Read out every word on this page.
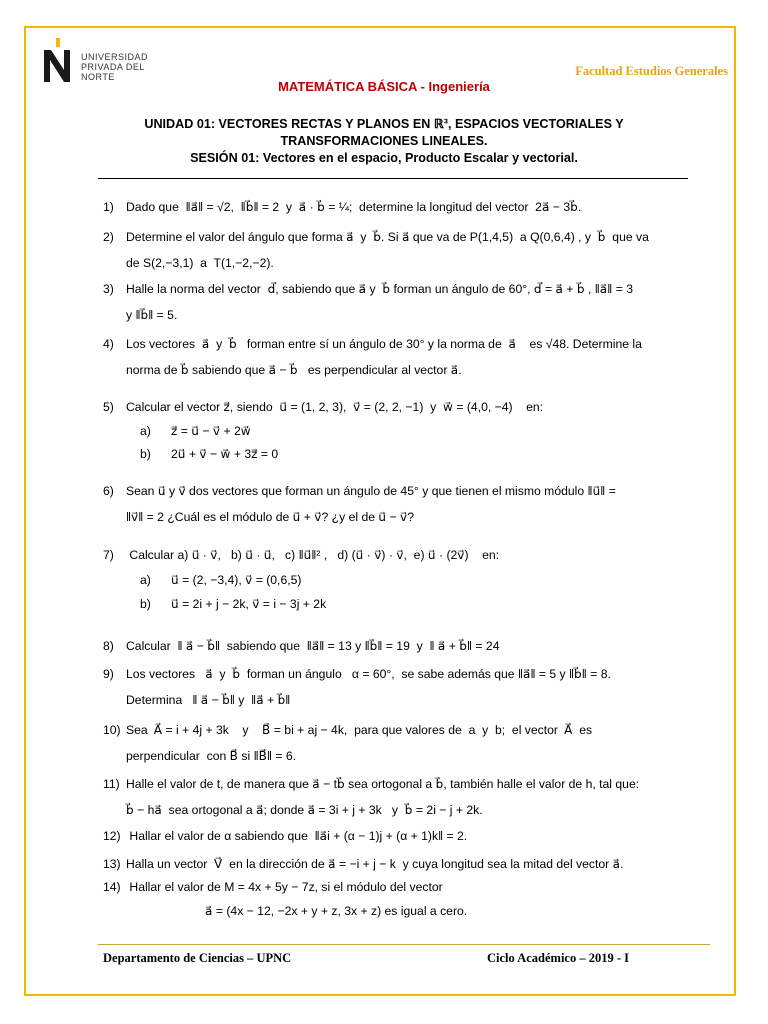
UNIVERSIDAD
PRIVADA DEL NORTE	Facultad Estudios Generales
MATEMÁTICA BÁSICA - Ingeniería
UNIDAD 01: VECTORES RECTAS Y PLANOS EN ℝ³, ESPACIOS VECTORIALES Y
TRANSFORMACIONES LINEALES.
SESIÓN 01: Vectores en el espacio, Producto Escalar y vectorial.
1) Dado que  ‖a⃗‖ = √2,  ‖b⃗‖ = 2  y  a⃗ · b⃗ = ¼;  determine la longitud del vector  2a⃗ − 3b⃗.
2) Determine el valor del ángulo que forma a⃗  y  b⃗. Si a⃗ que va de P(1,4,5)  a Q(0,6,4) , y  b⃗  que va
de S(2,−3,1)  a  T(1,−2,−2).
3) Halle la norma del vector  d⃗, sabiendo que a⃗ y  b⃗ forman un ángulo de 60°, d⃗ = a⃗ + b⃗ , ‖a⃗‖ = 3
y ‖b⃗‖ = 5.
4) Los vectores  a⃗  y  b⃗   forman entre sí un ángulo de 30° y la norma de  a⃗    es √48. Determine la
norma de b⃗ sabiendo que a⃗ − b⃗   es perpendicular al vector a⃗.
5) Calcular el vector z⃗, siendo  u⃗ = (1, 2, 3),  v⃗ = (2, 2, −1)  y  w⃗ = (4,0, −4)    en:
a) z⃗ = u⃗ − v⃗ + 2w⃗
b) 2u⃗ + v⃗ − w⃗ + 3z⃗ = 0
6) Sean u⃗ y v⃗ dos vectores que forman un ángulo de 45° y que tienen el mismo módulo ‖u⃗‖ =
‖v⃗‖ = 2 ¿Cuál es el módulo de u⃗ + v⃗? ¿y el de u⃗ − v⃗?
7) Calcular a) u⃗ · v⃗,   b) u⃗ · u⃗,   c) ‖u⃗‖² ,   d) (u⃗ · v⃗) · v⃗,  e) u⃗ · (2v⃗)    en:
a) u⃗ = (2, −3,4), v⃗ = (0,6,5)
b) u⃗ = 2i + j − 2k, v⃗ = i − 3j + 2k
8) Calcular  ‖ a⃗ − b⃗‖  sabiendo que  ‖a⃗‖ = 13 y ‖b⃗‖ = 19  y  ‖ a⃗ + b⃗‖ = 24
9) Los vectores   a⃗  y  b⃗  forman un ángulo   α = 60°,  se sabe además que ‖a⃗‖ = 5 y ‖b⃗‖ = 8.
Determina   ‖ a⃗ − b⃗‖ y  ‖a⃗ + b⃗‖
10) Sea  A⃗ = i + 4j + 3k    y    B⃗ = bi + aj − 4k,  para que valores de  a  y  b;  el vector  A⃗  es
perpendicular  con B⃗ si ‖B⃗‖ = 6.
11) Halle el valor de t, de manera que a⃗ − tb⃗ sea ortogonal a b⃗, también halle el valor de h, tal que:
b⃗ − ha⃗  sea ortogonal a a⃗; donde a⃗ = 3i + j + 3k   y  b⃗ = 2i − j + 2k.
12) Hallar el valor de α sabiendo que  ‖a⃗i + (α − 1)j + (α + 1)k‖ = 2.
13) Halla un vector  V⃗  en la dirección de a⃗ = −i + j − k  y cuya longitud sea la mitad del vector a⃗.
14) Hallar el valor de M = 4x + 5y − 7z, si el módulo del vector
a⃗ = (4x − 12, −2x + y + z, 3x + z) es igual a cero.
Departamento de Ciencias – UPNC	Ciclo Académico – 2019 - I
